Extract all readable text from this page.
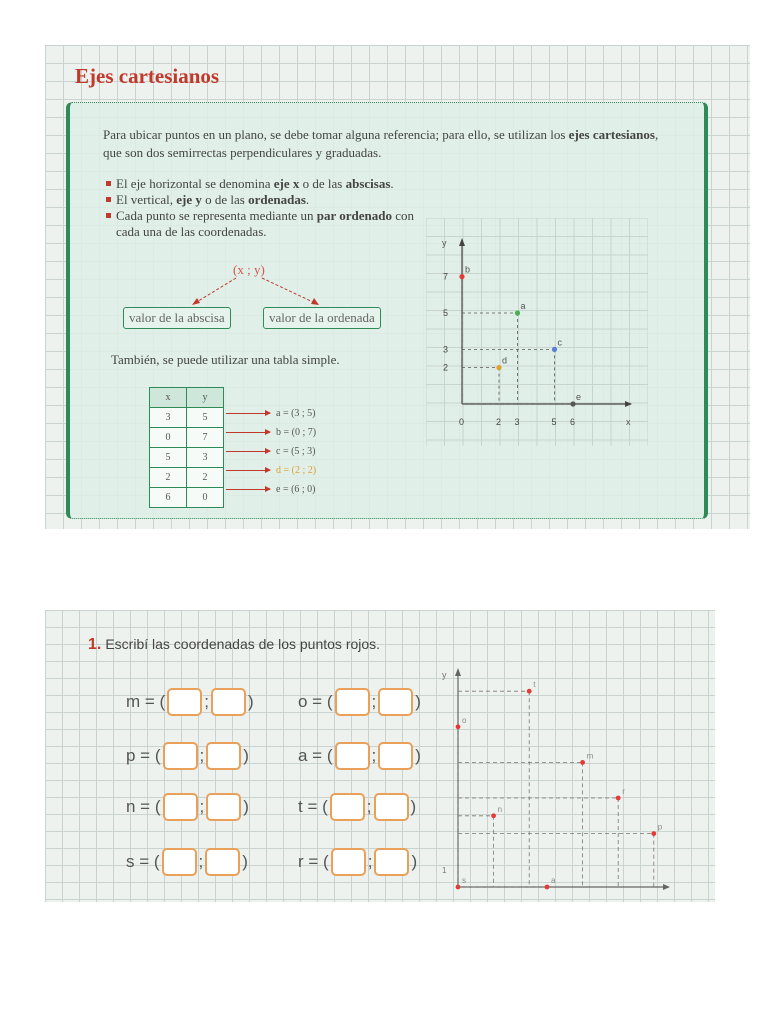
Ejes cartesianos
Para ubicar puntos en un plano, se debe tomar alguna referencia; para ello, se utilizan los ejes cartesianos, que son dos semirrectas perpendiculares y graduadas.
El eje horizontal se denomina eje x o de las abscisas.
El vertical, eje y o de las ordenadas.
Cada punto se representa mediante un par ordenado con cada una de las coordenadas.
(x ; y)
valor de la abscisa	valor de la ordenada
También, se puede utilizar una tabla simple.
x	y
3	5
0	7
5	3
2	2
6	0
a = (3 ; 5)
b = (0 ; 7)
c = (5 ; 3)
d = (2 ; 2)
e = (6 ; 0)
x
y
0	2 3	5 6
7
5
3
2
a
b
c
d
e
1. Escribí las coordenadas de los puntos rojos.
m = ( ; )
p = ( ; )
n = ( ; )
s = ( ; )
o = ( ; )
a = ( ; )
t = ( ; )
r = ( ; )
y
1
t
o
m
r
n
p
s	a
